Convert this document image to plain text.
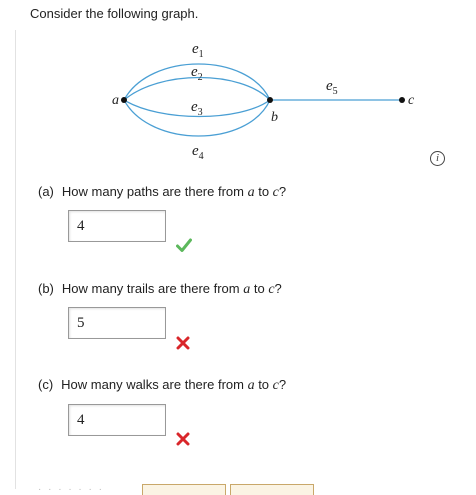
Consider the following graph.
a
b
c
$e_1$
$e_2$
$e_3$
$e_4$
$e_5$
i
(a) How many paths are there from a to c?
4
(b) How many trails are there from a to c?
5
(c) How many walks are there from a to c?
4
· · · · · · ·
